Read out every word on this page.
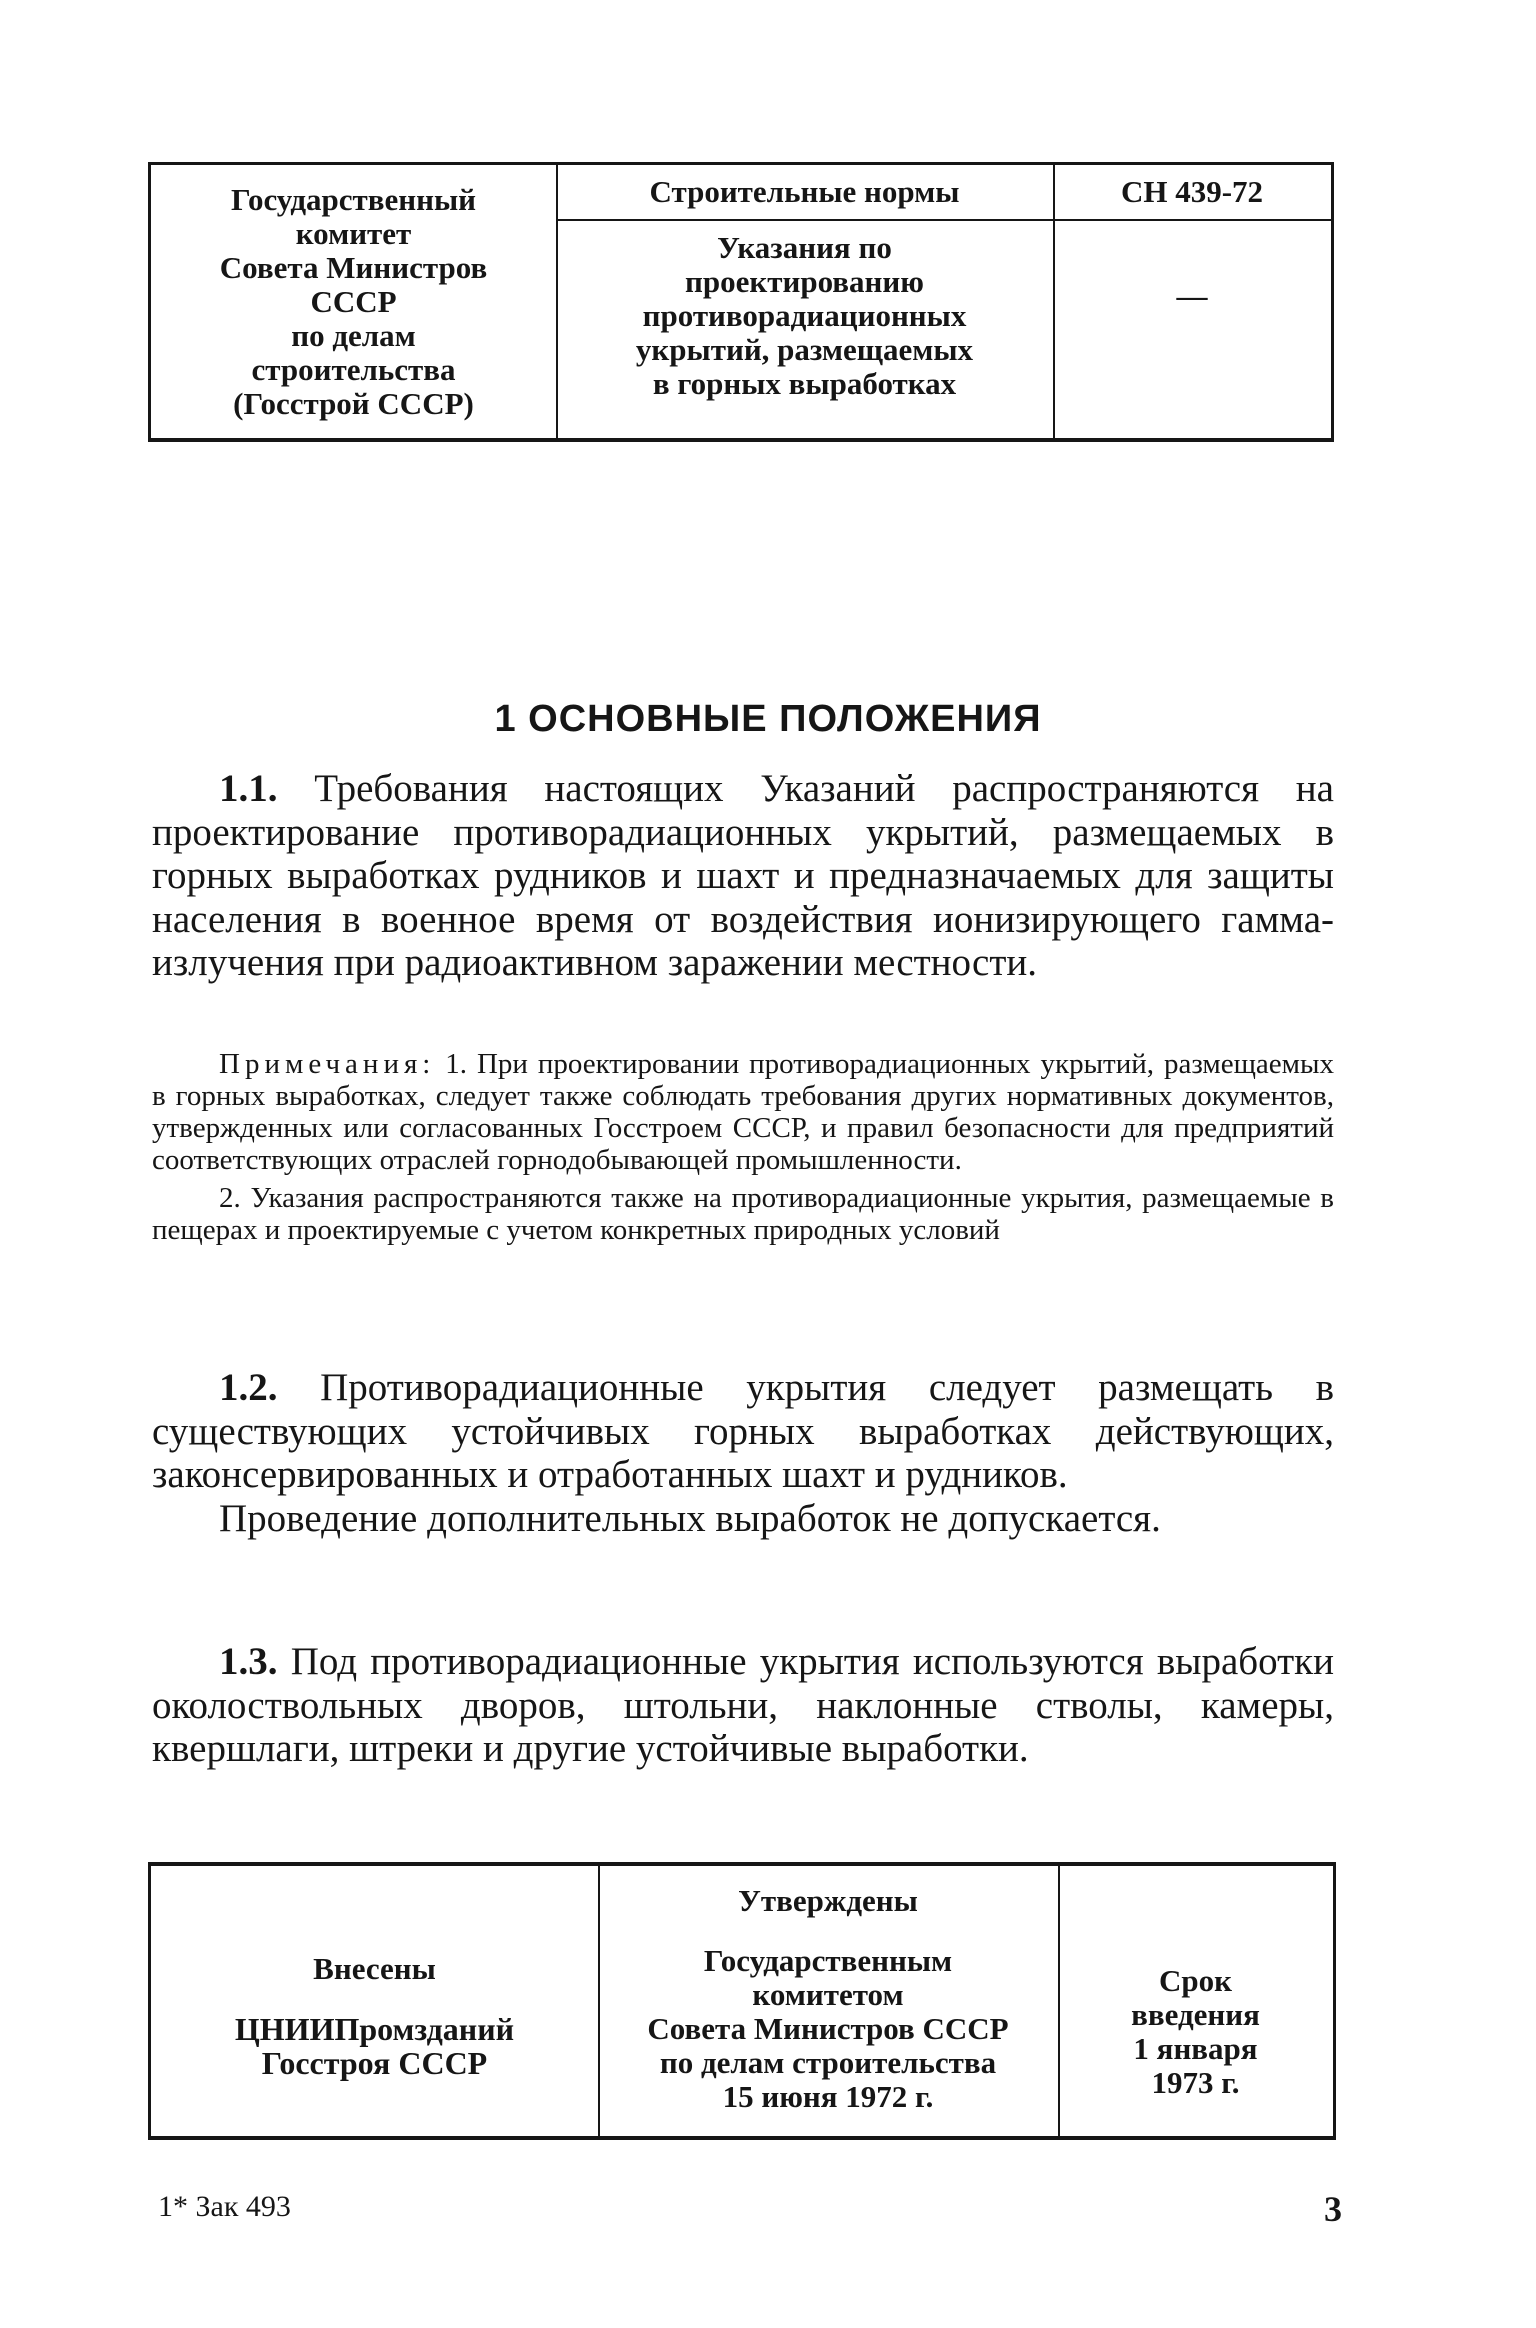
Государственный
комитет
Совета Министров
СССР
по делам
строительства
(Госстрой СССР)
Строительные нормы
Указания по
проектированию
противорадиационных
укрытий, размещаемых
в горных выработках
СН 439-72
—
1 ОСНОВНЫЕ ПОЛОЖЕНИЯ

1.1. Требования настоящих Указаний распространяются на проектирование противорадиационных укрытий, размещаемых в горных выработках рудников и шахт и предназначаемых для защиты населения в военное время от воздействия ионизирующего гамма-излучения при радиоактивном заражении местности.

Примечания: 1. При проектировании противорадиационных укрытий, размещаемых в горных выработках, следует также соблюдать требования других нормативных документов, утвержденных или согласованных Госстроем СССР, и правил безопасности для предприятий соответствующих отраслей горнодобывающей промышленности.

2. Указания распространяются также на противорадиационные укрытия, размещаемые в пещерах и проектируемые с учетом конкретных природных условий

1.2. Противорадиационные укрытия следует размещать в существующих устойчивых горных выработках действующих, законсервированных и отработанных шахт и рудников.

Проведение дополнительных выработок не допускается.

1.3. Под противорадиационные укрытия используются выработки околоствольных дворов, штольни, наклонные стволы, камеры, квершлаги, штреки и другие устойчивые выработки.

Внесены
ЦНИИПромзданий
Госстроя СССР
Утверждены
Государственным
комитетом
Совета Министров СССР
по делам строительства
15 июня 1972 г.
Срок
введения
1 января
1973 г.
1* Зак 493	3
